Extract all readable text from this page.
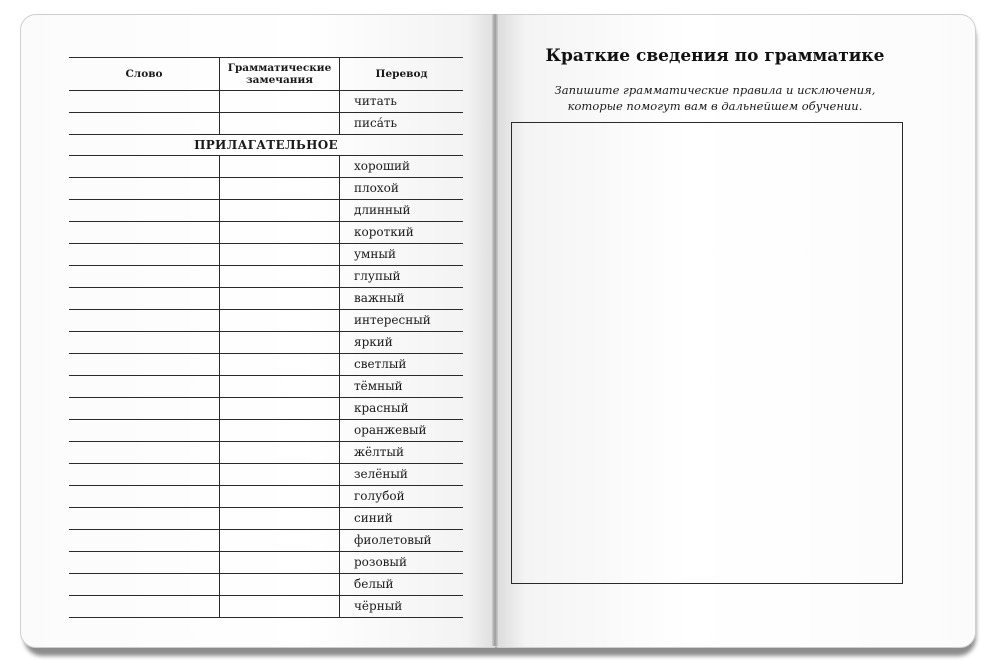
Слово	Грамматические замечания	Перевод
читать
писа́ть
ПРИЛАГАТЕЛЬНОЕ
хороший
плохой
длинный
короткий
умный
глупый
важный
интересный
яркий
светлый
тёмный
красный
оранжевый
жёлтый
зелёный
голубой
синий
фиолетовый
розовый
белый
чёрный
Краткие сведения по грамматике
Запишите грамматические правила и исключения,
которые помогут вам в дальнейшем обучении.
